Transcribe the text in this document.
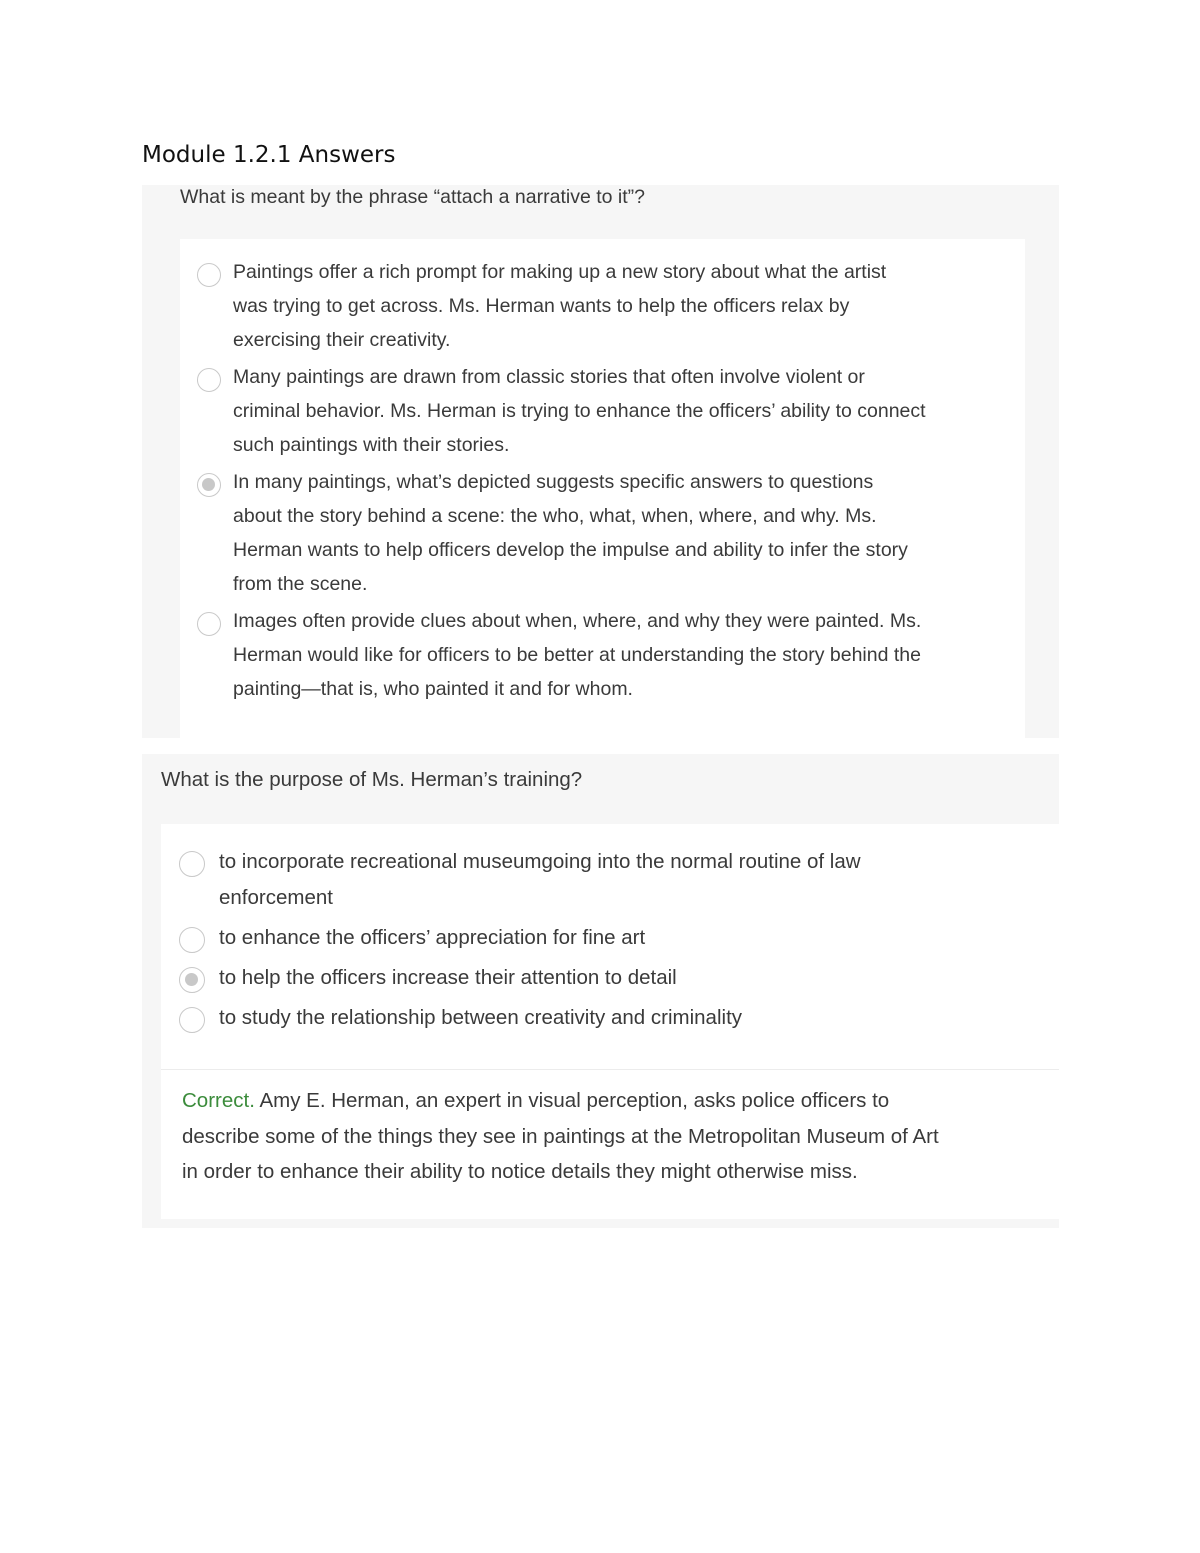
Module 1.2.1 Answers
What is meant by the phrase “attach a narrative to it”?
Paintings offer a rich prompt for making up a new story about what the artist
was trying to get across. Ms. Herman wants to help the officers relax by
exercising their creativity.
Many paintings are drawn from classic stories that often involve violent or
criminal behavior. Ms. Herman is trying to enhance the officers’ ability to connect
such paintings with their stories.
In many paintings, what’s depicted suggests specific answers to questions
about the story behind a scene: the who, what, when, where, and why. Ms.
Herman wants to help officers develop the impulse and ability to infer the story
from the scene.
Images often provide clues about when, where, and why they were painted. Ms.
Herman would like for officers to be better at understanding the story behind the
painting—that is, who painted it and for whom.
What is the purpose of Ms. Herman’s training?
to incorporate recreational museumgoing into the normal routine of law
enforcement
to enhance the officers’ appreciation for fine art
to help the officers increase their attention to detail
to study the relationship between creativity and criminality
Correct. Amy E. Herman, an expert in visual perception, asks police officers to
describe some of the things they see in paintings at the Metropolitan Museum of Art
in order to enhance their ability to notice details they might otherwise miss.
